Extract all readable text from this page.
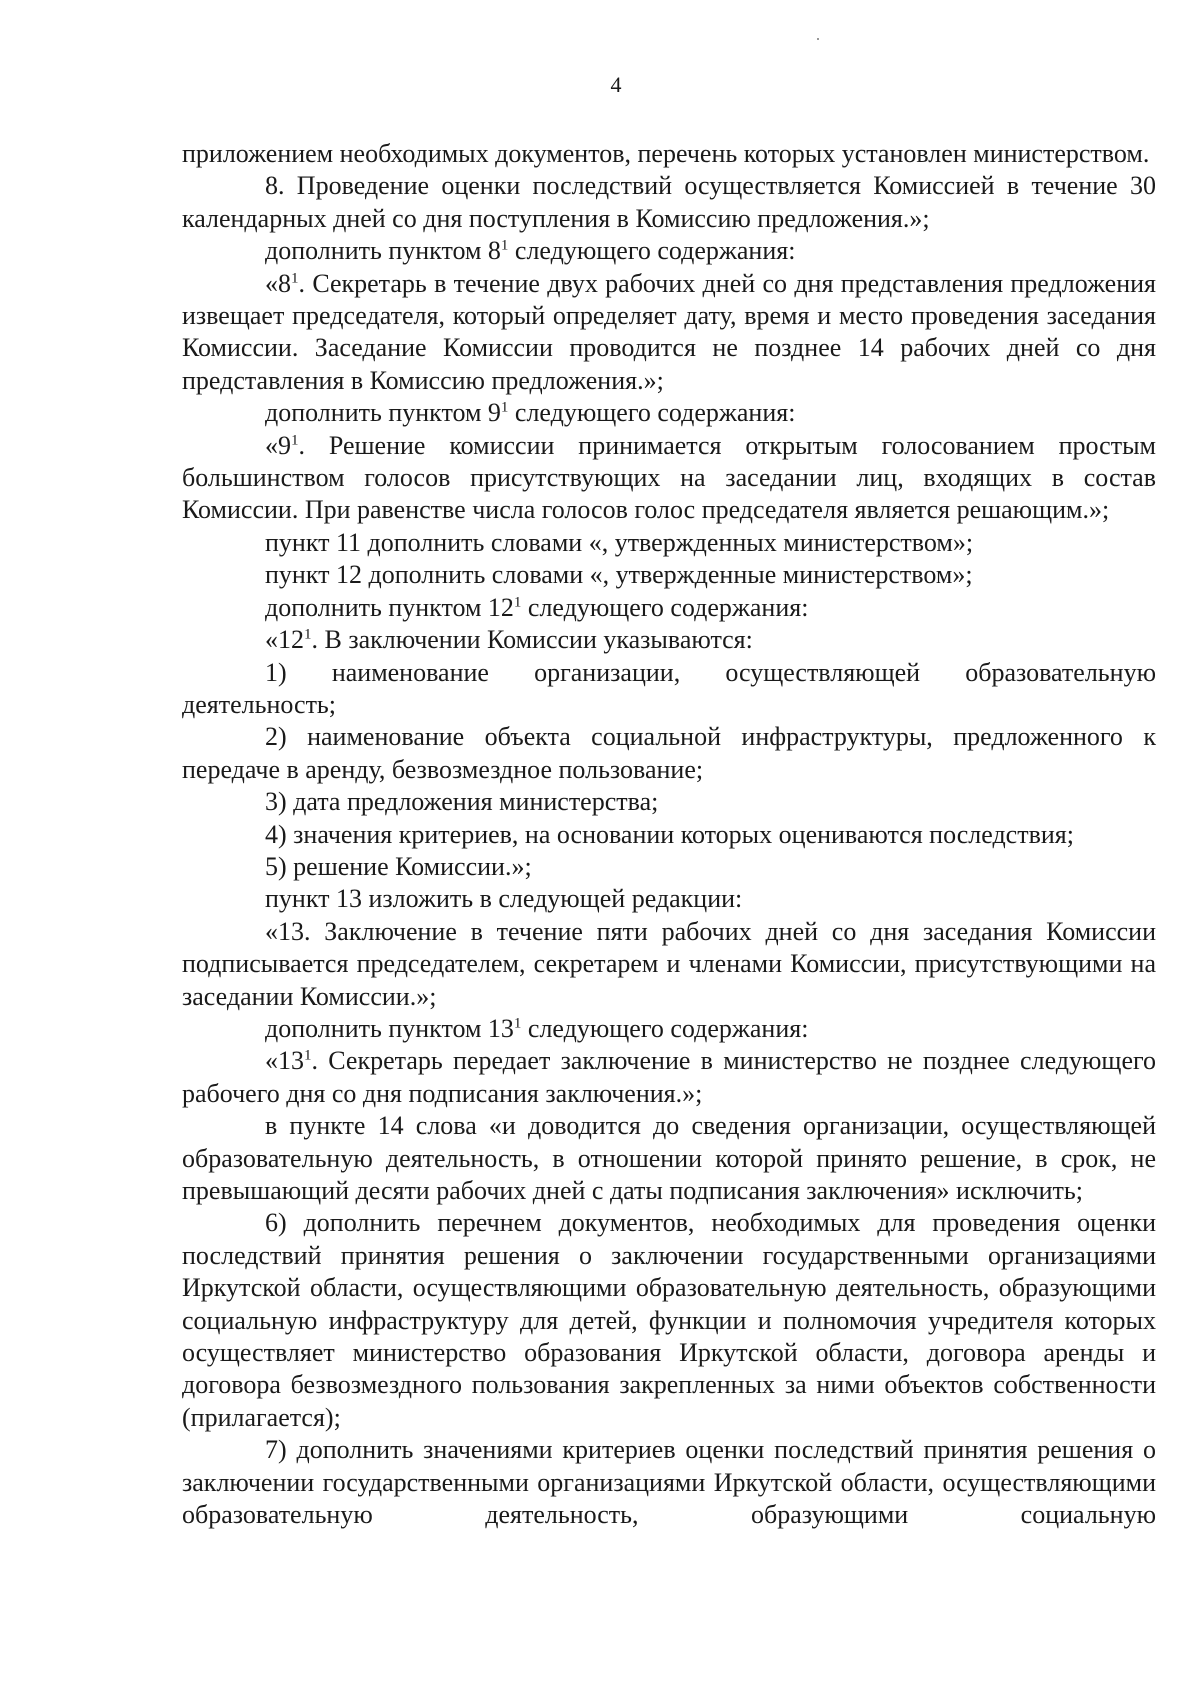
4

приложением необходимых документов, перечень которых установлен министерством.

8. Проведение оценки последствий осуществляется Комиссией в течение 30 календарных дней со дня поступления в Комиссию предложения.»;

дополнить пунктом $8^1$ следующего содержания:

«$8^1$. Секретарь в течение двух рабочих дней со дня представления предложения извещает председателя, который определяет дату, время и место проведения заседания Комиссии. Заседание Комиссии проводится не позднее 14 рабочих дней со дня представления в Комиссию предложения.»;

дополнить пунктом $9^1$ следующего содержания:

«$9^1$. Решение комиссии принимается открытым голосованием простым большинством голосов присутствующих на заседании лиц, входящих в состав Комиссии. При равенстве числа голосов голос председателя является решающим.»;

пункт 11 дополнить словами «, утвержденных министерством»;

пункт 12 дополнить словами «, утвержденные министерством»;

дополнить пунктом $12^1$ следующего содержания:

«$12^1$. В заключении Комиссии указываются:

1) наименование организации, осуществляющей образовательную деятельность;

2) наименование объекта социальной инфраструктуры, предложенного к передаче в аренду, безвозмездное пользование;

3) дата предложения министерства;

4) значения критериев, на основании которых оцениваются последствия;

5) решение Комиссии.»;

пункт 13 изложить в следующей редакции:

«13. Заключение в течение пяти рабочих дней со дня заседания Комиссии подписывается председателем, секретарем и членами Комиссии, присутствующими на заседании Комиссии.»;

дополнить пунктом $13^1$ следующего содержания:

«$13^1$. Секретарь передает заключение в министерство не позднее следующего рабочего дня со дня подписания заключения.»;

в пункте 14 слова «и доводится до сведения организации, осуществляющей образовательную деятельность, в отношении которой принято решение, в срок, не превышающий десяти рабочих дней с даты подписания заключения» исключить;

6) дополнить перечнем документов, необходимых для проведения оценки последствий принятия решения о заключении государственными организациями Иркутской области, осуществляющими образовательную деятельность, образующими социальную инфраструктуру для детей, функции и полномочия учредителя которых осуществляет министерство образования Иркутской области, договора аренды и договора безвозмездного пользования закрепленных за ними объектов собственности (прилагается);

7) дополнить значениями критериев оценки последствий принятия решения о заключении государственными организациями Иркутской области, осуществляющими образовательную деятельность, образующими социальную
